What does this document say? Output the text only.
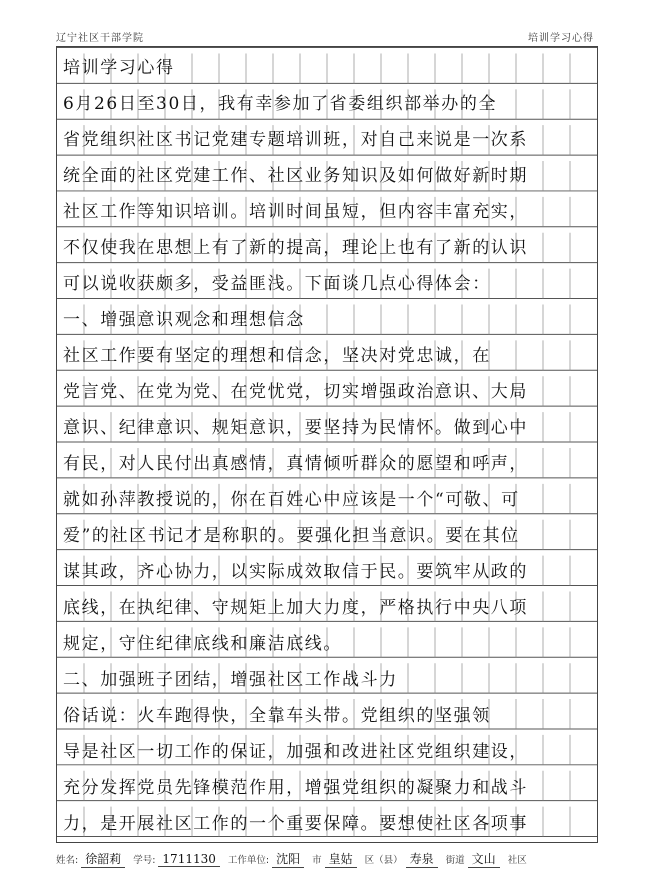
辽宁社区干部学院	培训学习心得
培训学习心得
6月26日至30日，我有幸参加了省委组织部举办的全
省党组织社区书记党建专题培训班，对自己来说是一次系
统全面的社区党建工作、社区业务知识及如何做好新时期
社区工作等知识培训。培训时间虽短，但内容丰富充实，
不仅使我在思想上有了新的提高，理论上也有了新的认识
可以说收获颇多，受益匪浅。下面谈几点心得体会：
一、增强意识观念和理想信念
社区工作要有坚定的理想和信念，坚决对党忠诚，在
党言党、在党为党、在党忧党，切实增强政治意识、大局
意识、纪律意识、规矩意识，要坚持为民情怀。做到心中
有民，对人民付出真感情，真情倾听群众的愿望和呼声，
就如孙萍教授说的，你在百姓心中应该是一个“可敬、可
爱”的社区书记才是称职的。要强化担当意识。要在其位
谋其政，齐心协力，以实际成效取信于民。要筑牢从政的
底线，在执纪律、守规矩上加大力度，严格执行中央八项
规定，守住纪律底线和廉洁底线。
二、加强班子团结，增强社区工作战斗力
俗话说：火车跑得快，全靠车头带。党组织的坚强领
导是社区一切工作的保证，加强和改进社区党组织建设，
充分发挥党员先锋模范作用，增强党组织的凝聚力和战斗
力，是开展社区工作的一个重要保障。要想使社区各项事
姓名: 徐韶莉	学号: 1711130	工作单位: 沈阳	市 皇姑	区（县） 寿泉	街道 文山	社区
